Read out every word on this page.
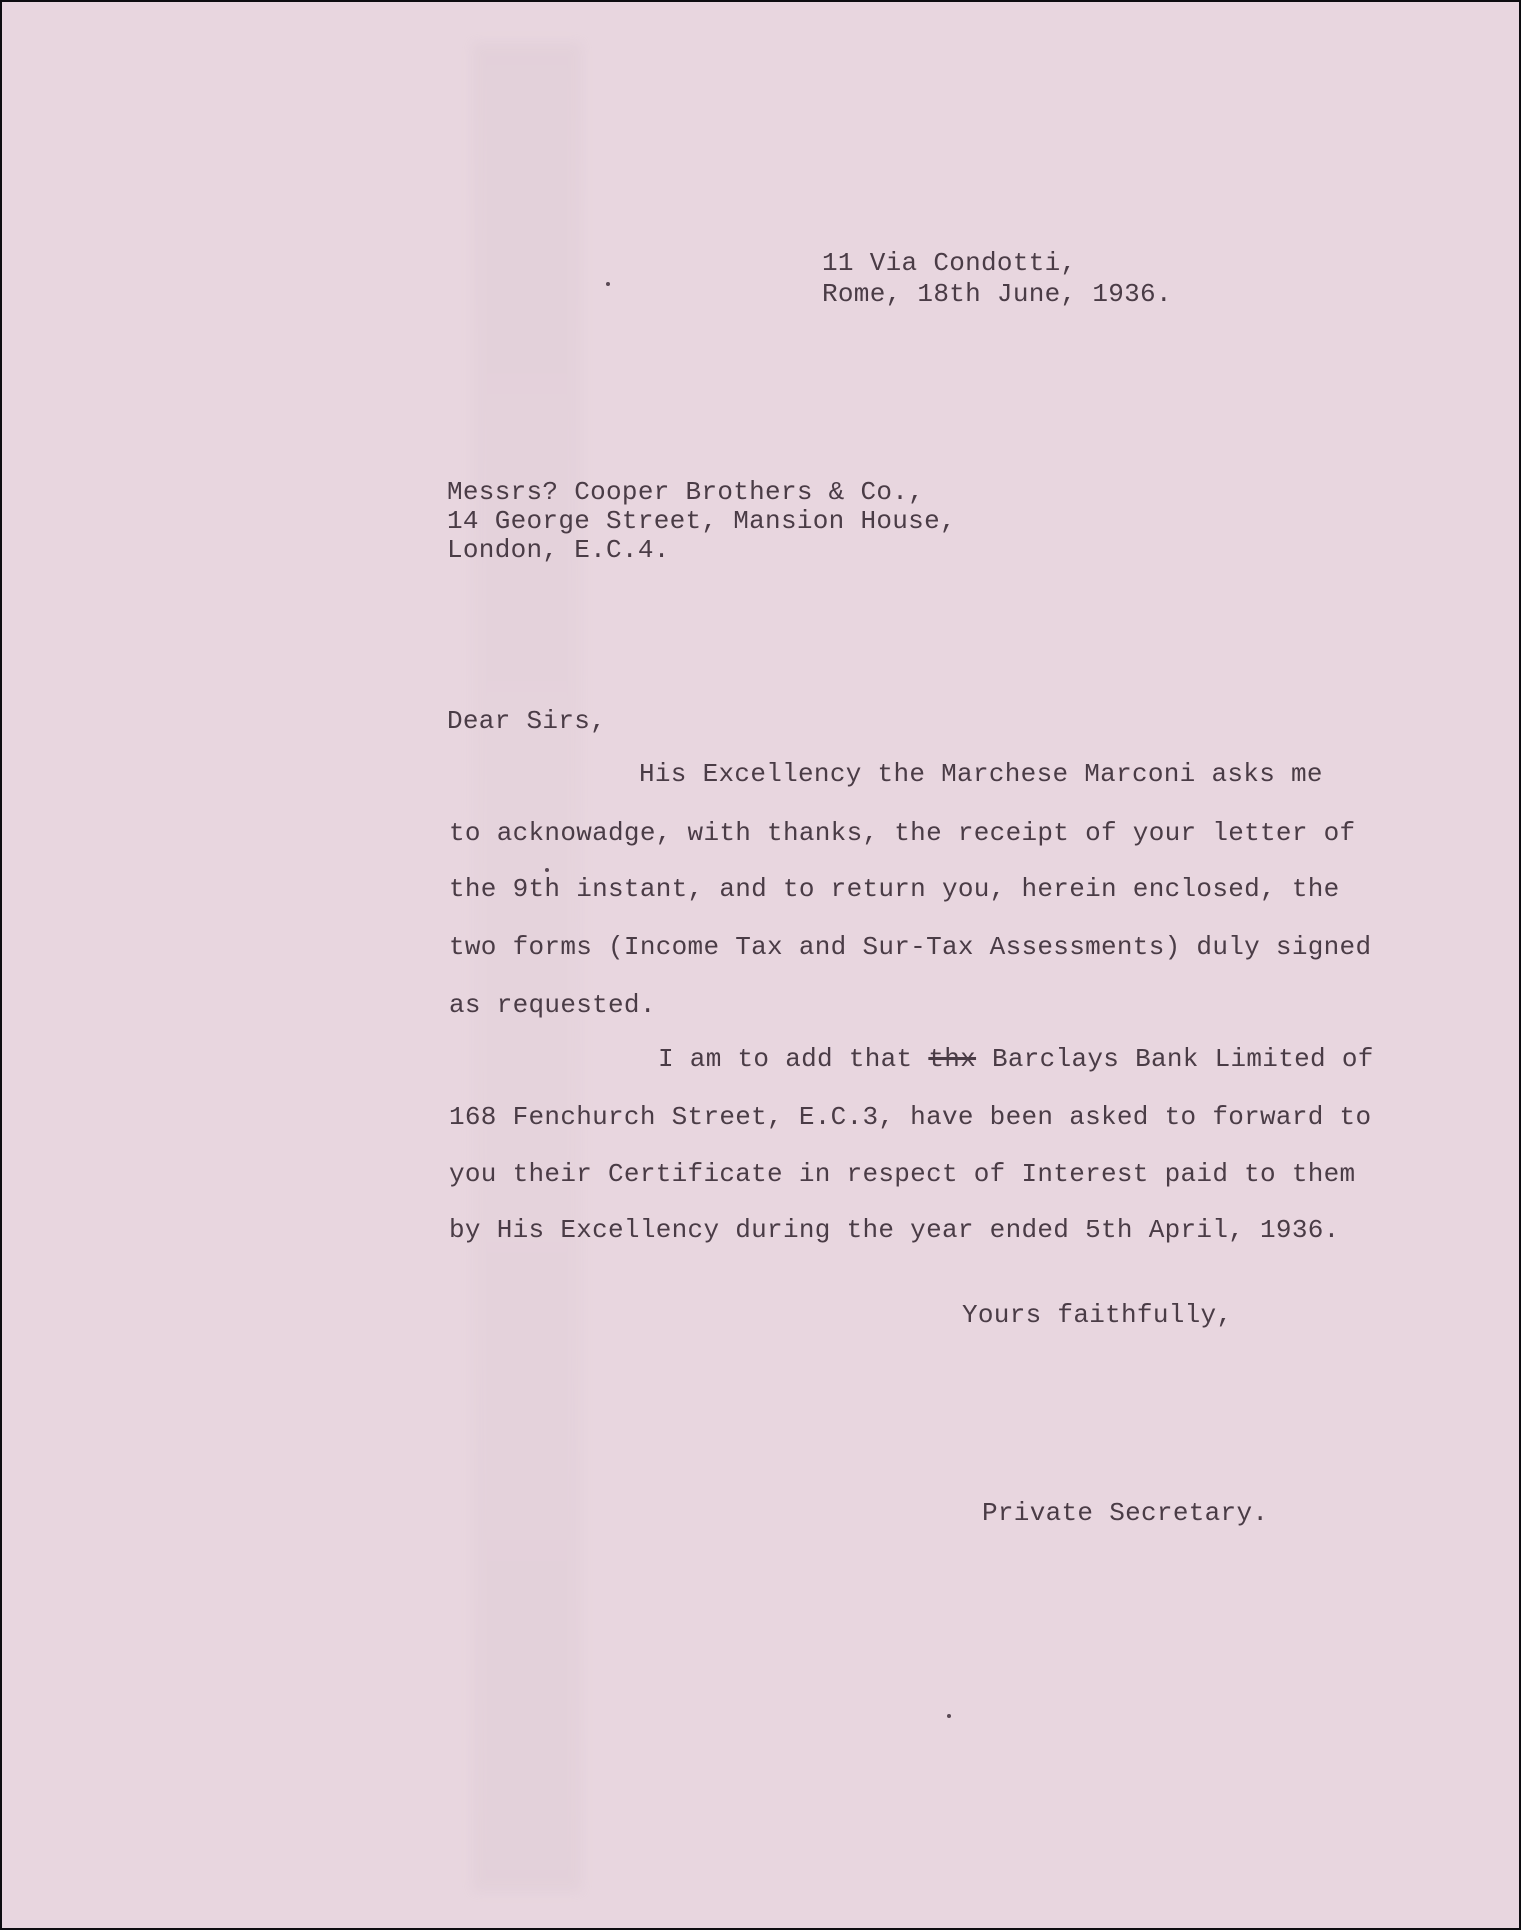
11 Via Condotti,
Rome, 18th June, 1936.
Messrs? Cooper Brothers & Co.,
14 George Street, Mansion House,
London, E.C.4.
Dear Sirs,
His Excellency the Marchese Marconi asks me
to acknowadge, with thanks, the receipt of your letter of
the 9th instant, and to return you, herein enclosed, the
two forms (Income Tax and Sur-Tax Assessments) duly signed
as requested.
I am to add that thx Barclays Bank Limited of
168 Fenchurch Street, E.C.3, have been asked to forward to
you their Certificate in respect of Interest paid to them
by His Excellency during the year ended 5th April, 1936.
Yours faithfully,
Private Secretary.
